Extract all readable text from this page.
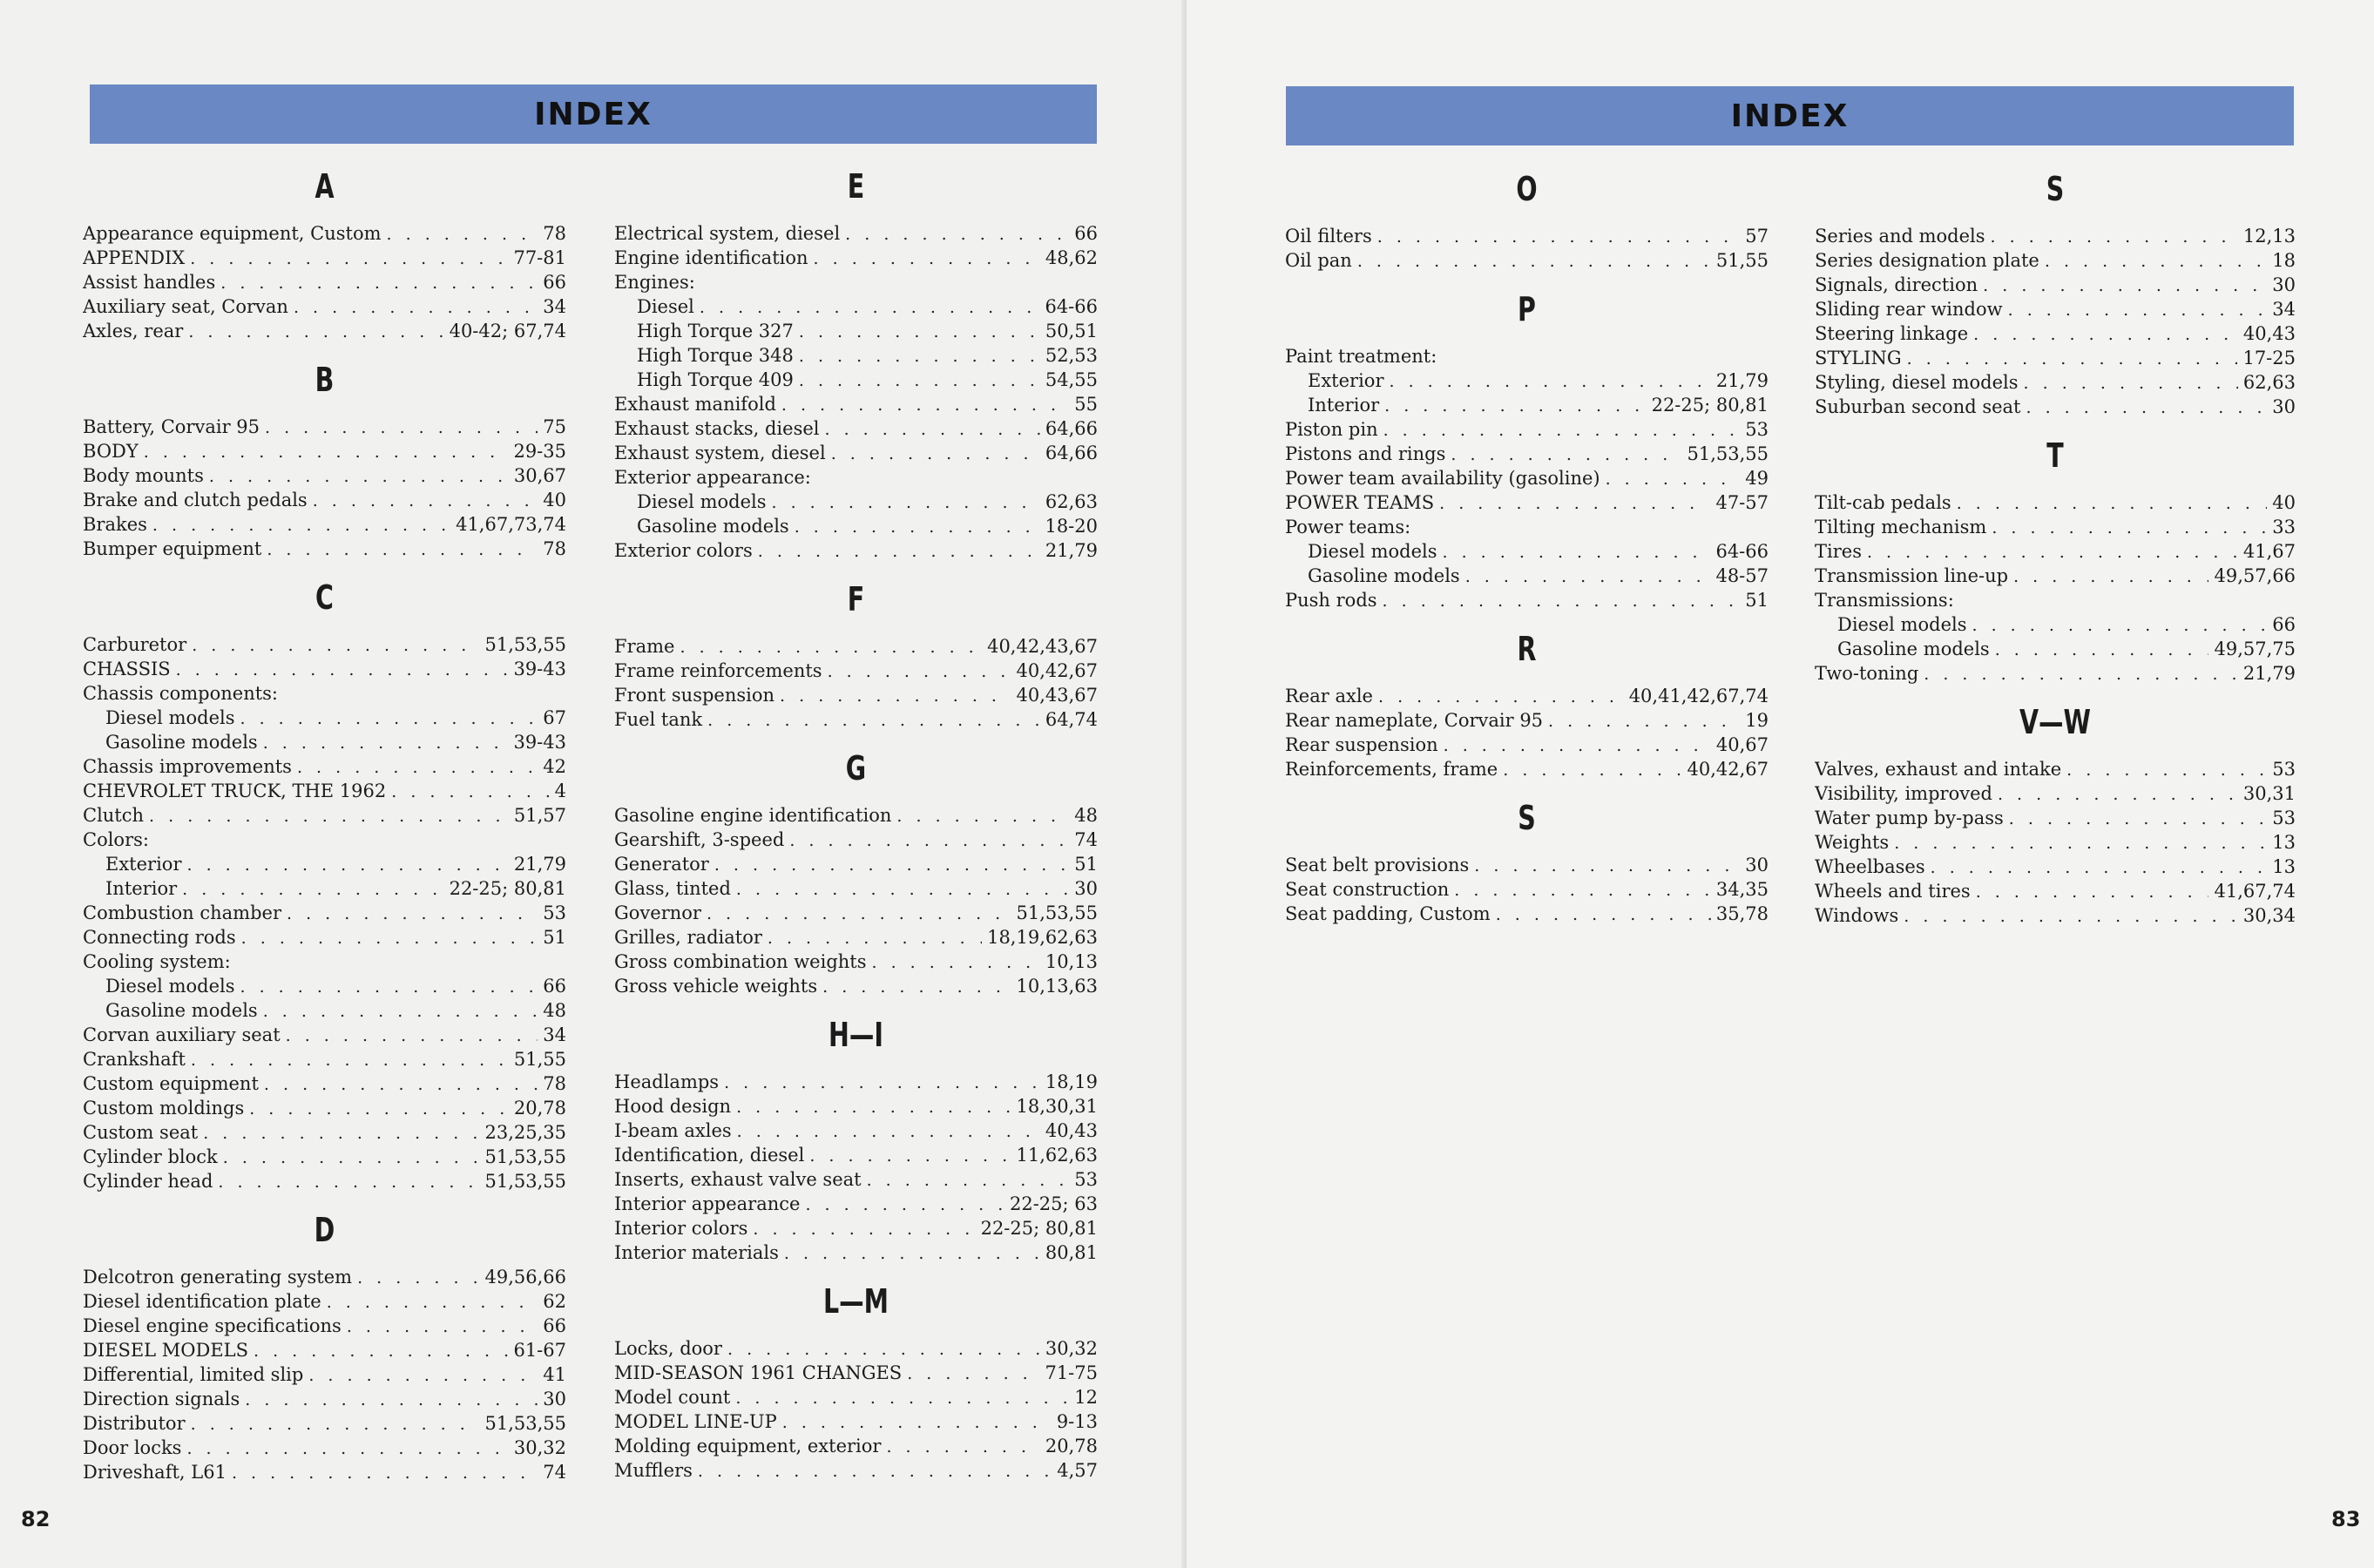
INDEX
A
Appearance equipment, Custom . . .	78
APPENDIX . . .	77-81
Assist handles . . .	66
Auxiliary seat, Corvan . . .	34
Axles, rear . . .	40-42; 67,74
B
Battery, Corvair 95 . . .	75
BODY . . .	29-35
Body mounts . . .	30,67
Brake and clutch pedals . . .	40
Brakes . . .	41,67,73,74
Bumper equipment . . .	78
C
Carburetor . . .	51,53,55
CHASSIS . . .	39-43
Chassis components:
Diesel models . . .	67
Gasoline models . . .	39-43
Chassis improvements . . .	42
CHEVROLET TRUCK, THE 1962 . . .	4
Clutch . . .	51,57
Colors:
Exterior . . .	21,79
Interior . . .	22-25; 80,81
Combustion chamber . . .	53
Connecting rods . . .	51
Cooling system:
Diesel models . . .	66
Gasoline models . . .	48
Corvan auxiliary seat . . .	34
Crankshaft . . .	51,55
Custom equipment . . .	78
Custom moldings . . .	20,78
Custom seat . . .	23,25,35
Cylinder block . . .	51,53,55
Cylinder head . . .	51,53,55
D
Delcotron generating system . . .	49,56,66
Diesel identification plate . . .	62
Diesel engine specifications . . .	66
DIESEL MODELS . . .	61-67
Differential, limited slip . . .	41
Direction signals . . .	30
Distributor . . .	51,53,55
Door locks . . .	30,32
Driveshaft, L61 . . .	74
E
Electrical system, diesel . . .	66
Engine identification . . .	48,62
Engines:
Diesel . . .	64-66
High Torque 327 . . .	50,51
High Torque 348 . . .	52,53
High Torque 409 . . .	54,55
Exhaust manifold . . .	55
Exhaust stacks, diesel . . .	64,66
Exhaust system, diesel . . .	64,66
Exterior appearance:
Diesel models . . .	62,63
Gasoline models . . .	18-20
Exterior colors . . .	21,79
F
Frame . . .	40,42,43,67
Frame reinforcements . . .	40,42,67
Front suspension . . .	40,43,67
Fuel tank . . .	64,74
G
Gasoline engine identification . . .	48
Gearshift, 3-speed . . .	74
Generator . . .	51
Glass, tinted . . .	30
Governor . . .	51,53,55
Grilles, radiator . . .	18,19,62,63
Gross combination weights . . .	10,13
Gross vehicle weights . . .	10,13,63
H—I
Headlamps . . .	18,19
Hood design . . .	18,30,31
I-beam axles . . .	40,43
Identification, diesel . . .	11,62,63
Inserts, exhaust valve seat . . .	53
Interior appearance . . .	22-25; 63
Interior colors . . .	22-25; 80,81
Interior materials . . .	80,81
L—M
Locks, door . . .	30,32
MID-SEASON 1961 CHANGES . . .	71-75
Model count . . .	12
MODEL LINE-UP . . .	9-13
Molding equipment, exterior . . .	20,78
Mufflers . . .	4,57
82
INDEX
O
Oil filters . . .	57
Oil pan . . .	51,55
P
Paint treatment:
Exterior . . .	21,79
Interior . . .	22-25; 80,81
Piston pin . . .	53
Pistons and rings . . .	51,53,55
Power team availability (gasoline) . . .	49
POWER TEAMS . . .	47-57
Power teams:
Diesel models . . .	64-66
Gasoline models . . .	48-57
Push rods . . .	51
R
Rear axle . . .	40,41,42,67,74
Rear nameplate, Corvair 95 . . .	19
Rear suspension . . .	40,67
Reinforcements, frame . . .	40,42,67
S
Seat belt provisions . . .	30
Seat construction . . .	34,35
Seat padding, Custom . . .	35,78
S
Series and models . . .	12,13
Series designation plate . . .	18
Signals, direction . . .	30
Sliding rear window . . .	34
Steering linkage . . .	40,43
STYLING . . .	17-25
Styling, diesel models . . .	62,63
Suburban second seat . . .	30
T
Tilt-cab pedals . . .	40
Tilting mechanism . . .	33
Tires . . .	41,67
Transmission line-up . . .	49,57,66
Transmissions:
Diesel models . . .	66
Gasoline models . . .	49,57,75
Two-toning . . .	21,79
V—W
Valves, exhaust and intake . . .	53
Visibility, improved . . .	30,31
Water pump by-pass . . .	53
Weights . . .	13
Wheelbases . . .	13
Wheels and tires . . .	41,67,74
Windows . . .	30,34
83
